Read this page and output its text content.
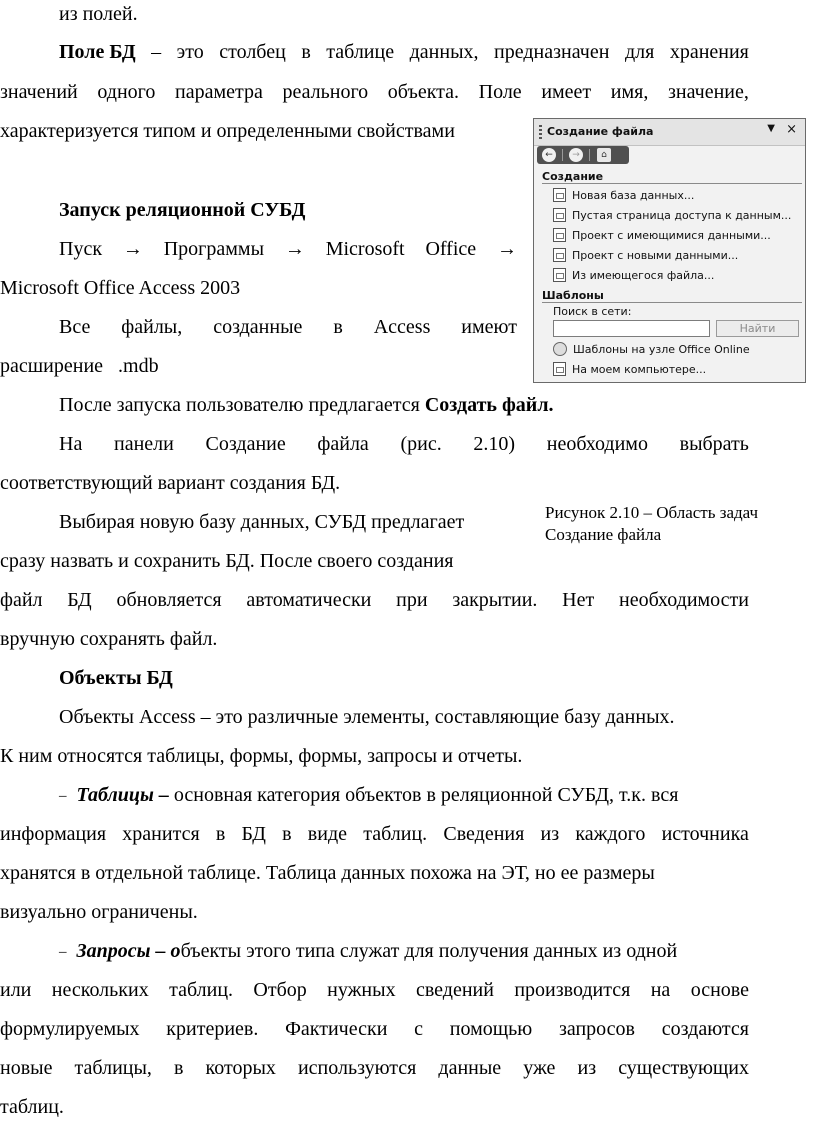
из полей.
Поле БД – это столбец в таблице данных, предназначен для хранения
значений одного параметра реального объекта. Поле имеет имя, значение,
характеризуется типом и определенными свойствами
Запуск реляционной СУБД
Пуск → Программы → Microsoft Office →
Microsoft Office Access 2003
Все файлы, созданные в Access имеют
расширение   .mdb
После запуска пользователю предлагается Создать файл.
На панели Создание файла (рис. 2.10) необходимо выбрать
соответствующий вариант создания БД.
Выбирая новую базу данных, СУБД предлагает
сразу назвать и сохранить БД. После своего создания
файл БД обновляется автоматически при закрытии. Нет необходимости
вручную сохранять файл.
Объекты БД
Объекты Access – это различные элементы, составляющие базу данных.
К ним относятся таблицы, формы, формы, запросы и отчеты.
– Таблицы – основная категория объектов в реляционной СУБД, т.к. вся
информация хранится в БД в виде таблиц. Сведения из каждого источника
хранятся в отдельной таблице. Таблица данных похожа на ЭТ, но ее размеры
визуально ограничены.
– Запросы – объекты этого типа служат для получения данных из одной
или нескольких таблиц. Отбор нужных сведений производится на основе
формулируемых критериев. Фактически с помощью запросов создаются
новые таблицы, в которых используются данные уже из существующих
таблиц.
Создание файла	▼ ×
←	→	⌂
Создание
Новая база данных...
Пустая страница доступа к данным...
Проект с имеющимися данными...
Проект с новыми данными...
Из имеющегося файла...
Шаблоны
Поиск в сети:
Найти
Шаблоны на узле Office Online
На моем компьютере...
Рисунок 2.10 – Область задач
Создание файла
